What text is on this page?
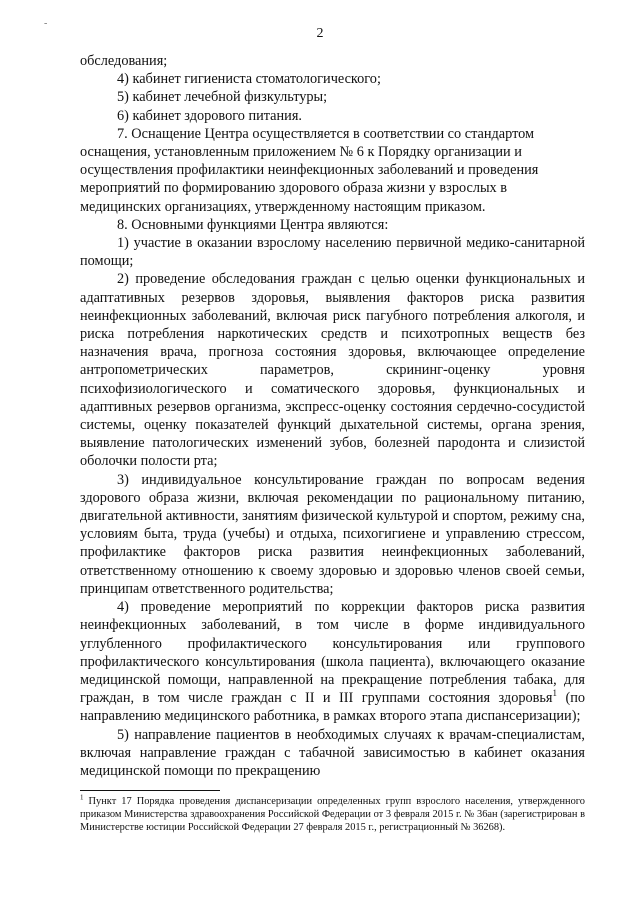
-
2

обследования;

4) кабинет гигиениста стоматологического;

5) кабинет лечебной физкультуры;

6) кабинет здорового питания.

7. Оснащение Центра осуществляется в соответствии со стандартом оснащения, установленным приложением № 6 к Порядку организации и осуществления профилактики неинфекционных заболеваний и проведения мероприятий по формированию здорового образа жизни у взрослых в медицинских организациях, утвержденному настоящим приказом.

8. Основными функциями Центра являются:

1) участие в оказании взрослому населению первичной медико-санитарной помощи;

2) проведение обследования граждан с целью оценки функциональных и адаптативных резервов здоровья, выявления факторов риска развития неинфекционных заболеваний, включая риск пагубного потребления алкоголя, и риска потребления наркотических средств и психотропных веществ без назначения врача, прогноза состояния здоровья, включающее определение антропометрических параметров, скрининг-оценку уровня психофизиологического и соматического здоровья, функциональных и адаптивных резервов организма, экспресс-оценку состояния сердечно-сосудистой системы, оценку показателей функций дыхательной системы, органа зрения, выявление патологических изменений зубов, болезней пародонта и слизистой оболочки полости рта;

3) индивидуальное консультирование граждан по вопросам ведения здорового образа жизни, включая рекомендации по рациональному питанию, двигательной активности, занятиям физической культурой и спортом, режиму сна, условиям быта, труда (учебы) и отдыха, психогигиене и управлению стрессом, профилактике факторов риска развития неинфекционных заболеваний, ответственному отношению к своему здоровью и здоровью членов своей семьи, принципам ответственного родительства;

4) проведение мероприятий по коррекции факторов риска развития неинфекционных заболеваний, в том числе в форме индивидуального углубленного профилактического консультирования или группового профилактического консультирования (школа пациента), включающего оказание медицинской помощи, направленной на прекращение потребления табака, для граждан, в том числе граждан с II и III группами состояния здоровья$^1$ (по направлению медицинского работника, в рамках второго этапа диспансеризации);

5) направление пациентов в необходимых случаях к врачам-специалистам, включая направление граждан с табачной зависимостью в кабинет оказания медицинской помощи по прекращению

$^1$ Пункт 17 Порядка проведения диспансеризации определенных групп взрослого населения, утвержденного приказом Министерства здравоохранения Российской Федерации от 3 февраля 2015 г. № 36ан (зарегистрирован в Министерстве юстиции Российской Федерации 27 февраля 2015 г., регистрационный № 36268).
